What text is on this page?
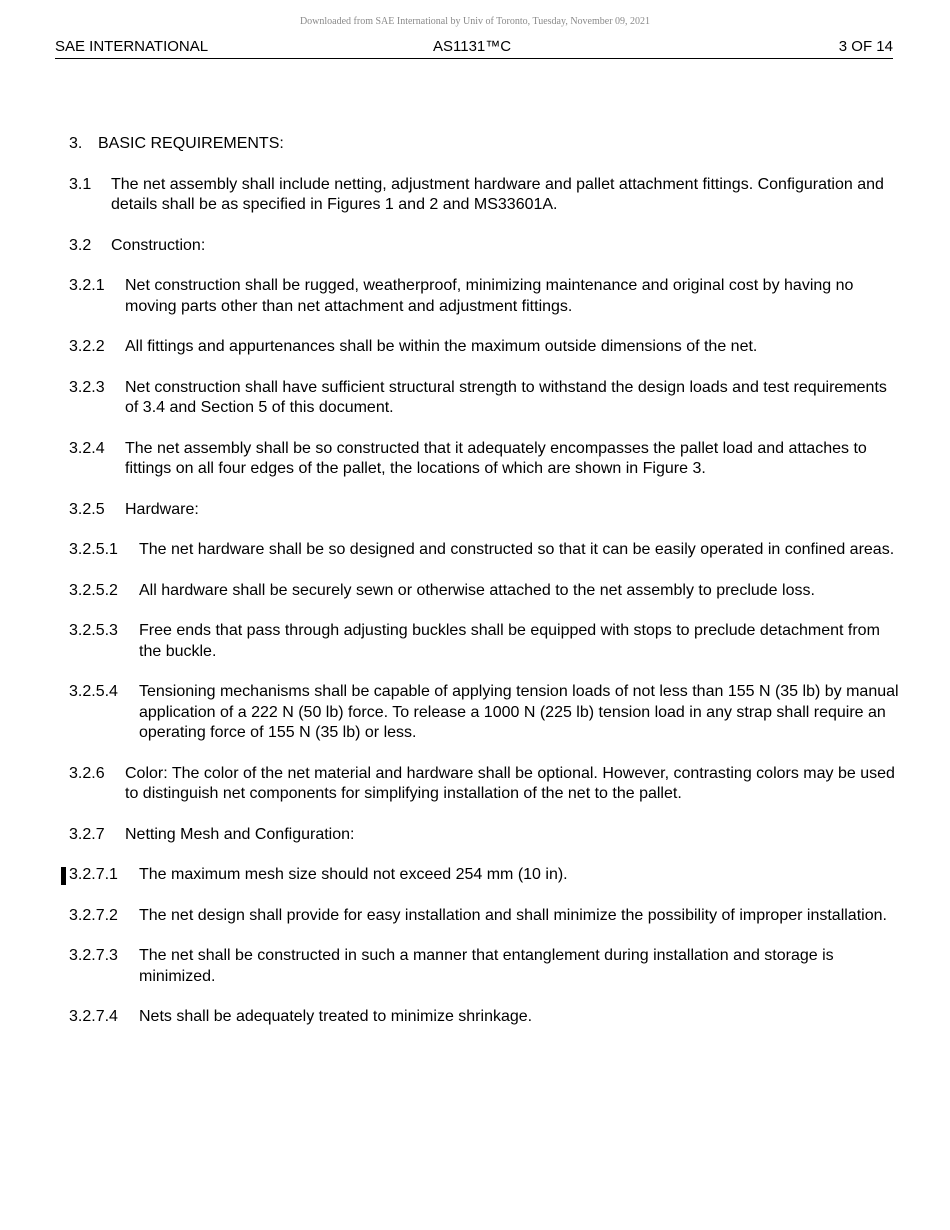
Downloaded from SAE International by Univ of Toronto, Tuesday, November 09, 2021
SAE INTERNATIONAL	AS1131™C	3 OF 14
3. BASIC REQUIREMENTS:
3.1	The net assembly shall include netting, adjustment hardware and pallet attachment fittings. Configuration and details shall be as specified in Figures 1 and 2 and MS33601A.
3.2	Construction:
3.2.1	Net construction shall be rugged, weatherproof, minimizing maintenance and original cost by having no moving parts other than net attachment and adjustment fittings.
3.2.2	All fittings and appurtenances shall be within the maximum outside dimensions of the net.
3.2.3	Net construction shall have sufficient structural strength to withstand the design loads and test requirements of 3.4 and Section 5 of this document.
3.2.4	The net assembly shall be so constructed that it adequately encompasses the pallet load and attaches to fittings on all four edges of the pallet, the locations of which are shown in Figure 3.
3.2.5	Hardware:
3.2.5.1	The net hardware shall be so designed and constructed so that it can be easily operated in confined areas.
3.2.5.2	All hardware shall be securely sewn or otherwise attached to the net assembly to preclude loss.
3.2.5.3	Free ends that pass through adjusting buckles shall be equipped with stops to preclude detachment from the buckle.
3.2.5.4	Tensioning mechanisms shall be capable of applying tension loads of not less than 155 N (35 lb) by manual application of a 222 N (50 lb) force. To release a 1000 N (225 lb) tension load in any strap shall require an operating force of 155 N (35 lb) or less.
3.2.6	Color: The color of the net material and hardware shall be optional. However, contrasting colors may be used to distinguish net components for simplifying installation of the net to the pallet.
3.2.7	Netting Mesh and Configuration:
3.2.7.1	The maximum mesh size should not exceed 254 mm (10 in).
3.2.7.2	The net design shall provide for easy installation and shall minimize the possibility of improper installation.
3.2.7.3	The net shall be constructed in such a manner that entanglement during installation and storage is minimized.
3.2.7.4	Nets shall be adequately treated to minimize shrinkage.
